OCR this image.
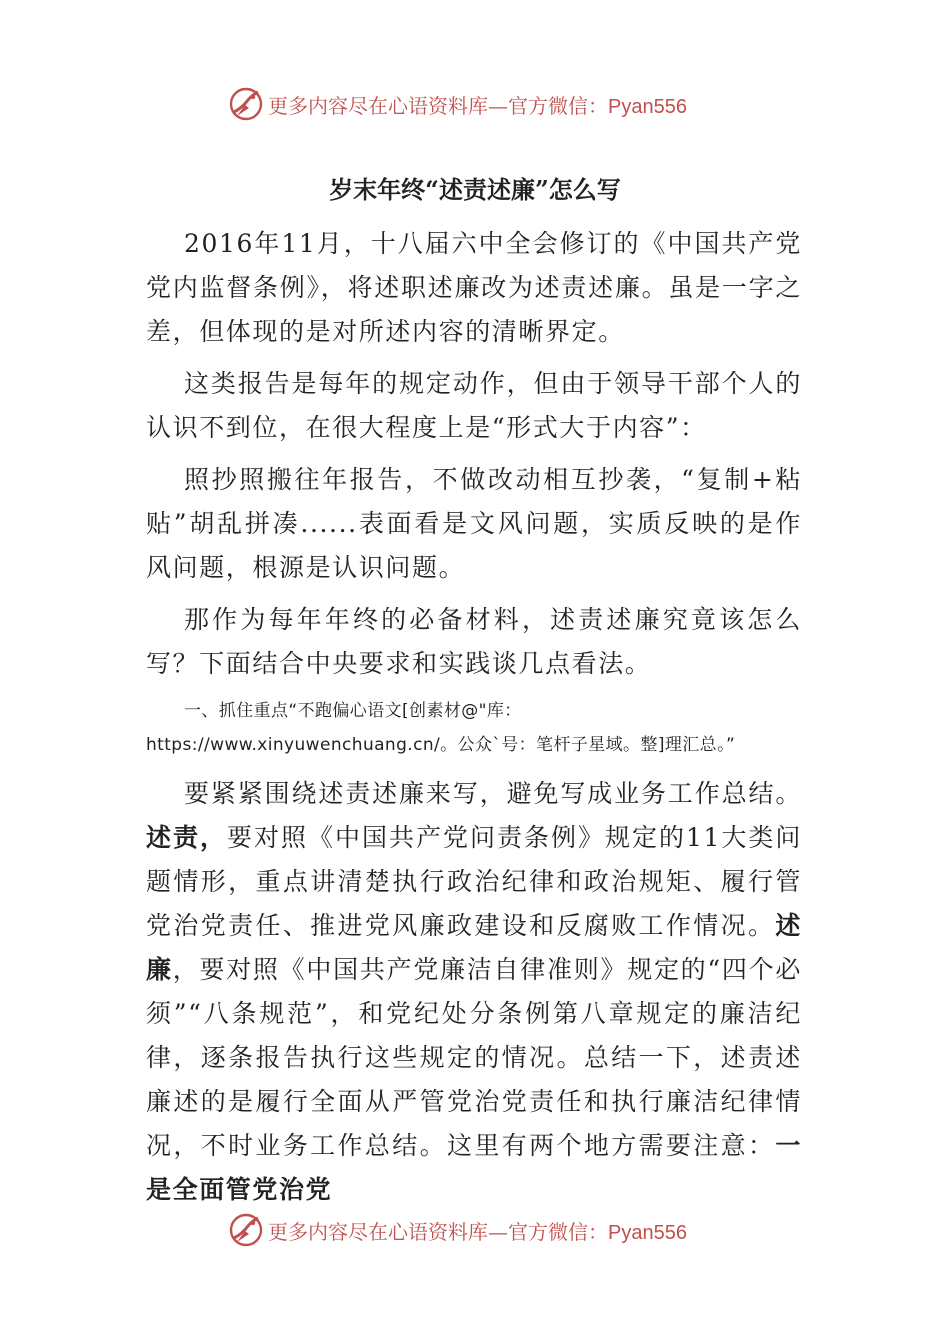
更多内容尽在心语资料库—官方微信：Pyan556
岁末年终“述责述廉”怎么写

2016年11月，十八届六中全会修订的《中国共产党党内监督条例》，将述职述廉改为述责述廉。虽是一字之差，但体现的是对所述内容的清晰界定。

这类报告是每年的规定动作，但由于领导干部个人的认识不到位，在很大程度上是“形式大于内容”：

照抄照搬往年报告，不做改动相互抄袭，“复制+粘贴”胡乱拼凑......表面看是文风问题，实质反映的是作风问题，根源是认识问题。

那作为每年年终的必备材料，述责述廉究竟该怎么写？下面结合中央要求和实践谈几点看法。

一、抓住重点“不跑偏心语文[创素材@"库：https://www.xinyuwenchuang.cn/。公众`号：笔杆子星域。整]理汇总。”

要紧紧围绕述责述廉来写，避免写成业务工作总结。述责，要对照《中国共产党问责条例》规定的11大类问题情形，重点讲清楚执行政治纪律和政治规矩、履行管党治党责任、推进党风廉政建设和反腐败工作情况。述廉，要对照《中国共产党廉洁自律准则》规定的“四个必须”“八条规范”，和党纪处分条例第八章规定的廉洁纪律，逐条报告执行这些规定的情况。总结一下，述责述廉述的是履行全面从严管党治党责任和执行廉洁纪律情况，不时业务工作总结。这里有两个地方需要注意：一是全面管党治党

更多内容尽在心语资料库—官方微信：Pyan556
